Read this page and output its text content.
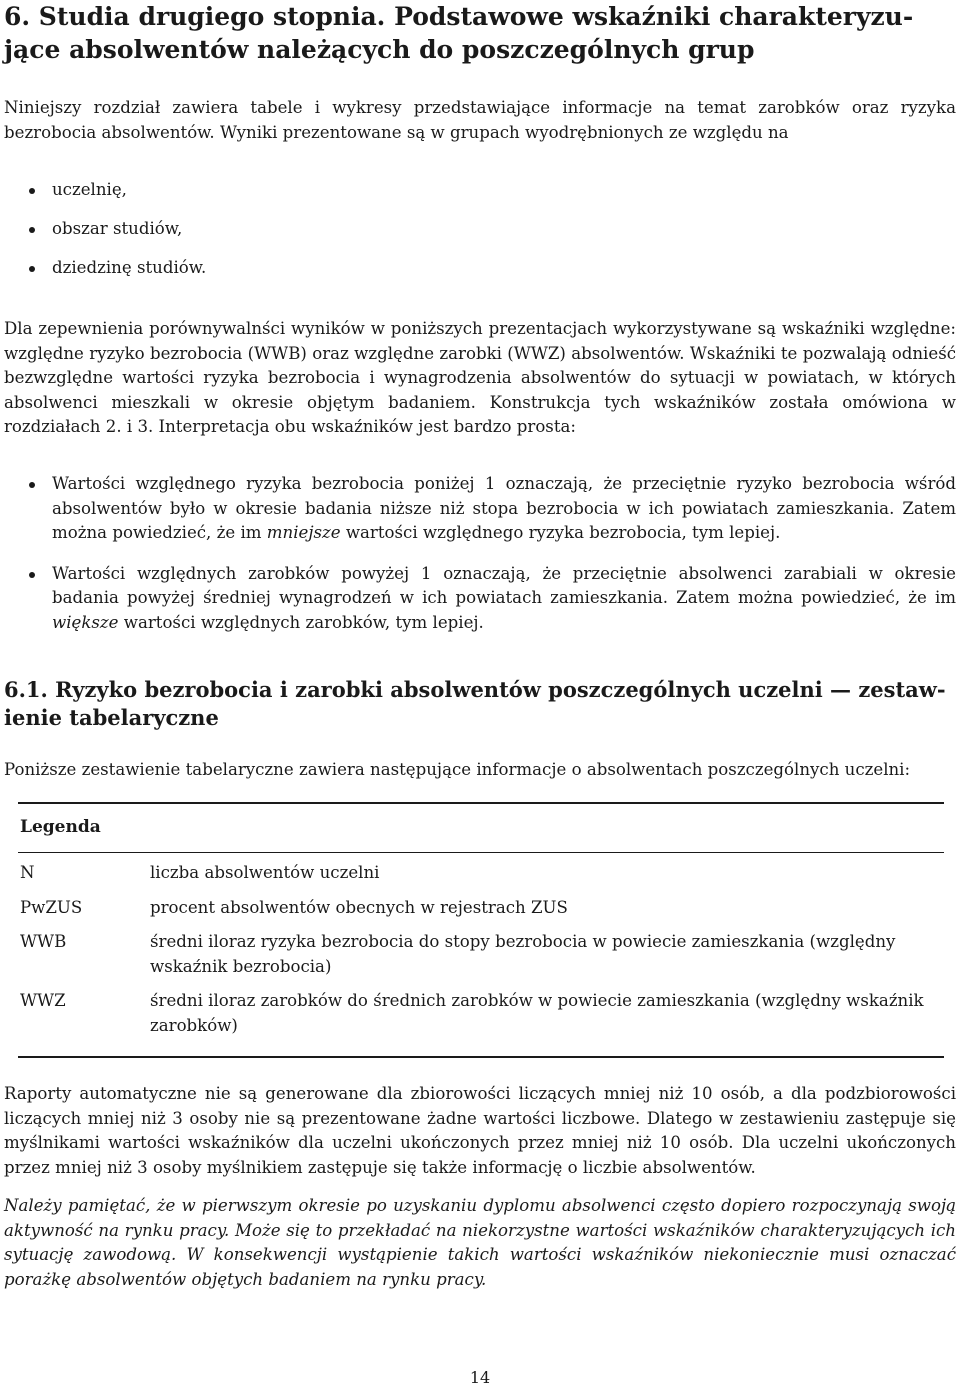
6. Studia drugiego stopnia. Podstawowe wskaźniki charakteryzu-jące absolwentów należących do poszczególnych grup

Niniejszy rozdział zawiera tabele i wykresy przedstawiające informacje na temat zarobków oraz ryzyka bezrobocia absolwentów. Wyniki prezentowane są w grupach wyodrębnionych ze względu na

uczelnię,
obszar studiów,
dziedzinę studiów.

Dla zepewnienia porównywalnści wyników w poniższych prezentacjach wykorzystywane są wskaźniki względne: względne ryzyko bezrobocia (WWB) oraz względne zarobki (WWZ) absolwentów. Wskaźniki te pozwalają odnieść bezwzględne wartości ryzyka bezrobocia i wynagrodzenia absolwentów do sytuacji w powiatach, w których absolwenci mieszkali w okresie objętym badaniem. Konstrukcja tych wskaźników została omówiona w rozdziałach 2. i 3. Interpretacja obu wskaźników jest bardzo prosta:

Wartości względnego ryzyka bezrobocia poniżej 1 oznaczają, że przeciętnie ryzyko bezrobocia wśród absolwentów było w okresie badania niższe niż stopa bezrobocia w ich powiatach zamieszkania. Zatem można powiedzieć, że im mniejsze wartości względnego ryzyka bezrobocia, tym lepiej.
Wartości względnych zarobków powyżej 1 oznaczają, że przeciętnie absolwenci zarabiali w okresie badania powyżej średniej wynagrodzeń w ich powiatach zamieszkania. Zatem można powiedzieć, że im większe wartości względnych zarobków, tym lepiej.
6.1. Ryzyko bezrobocia i zarobki absolwentów poszczególnych uczelni — zestaw-ienie tabelaryczne

Poniższe zestawienie tabelaryczne zawiera następujące informacje o absolwentach poszczególnych uczelni:

Legenda
N	liczba absolwentów uczelni
PwZUS	procent absolwentów obecnych w rejestrach ZUS
WWB	średni iloraz ryzyka bezrobocia do stopy bezrobocia w powiecie zamieszkania (względny wskaźnik bezrobocia)
WWZ	średni iloraz zarobków do średnich zarobków w powiecie zamieszkania (względny wskaźnik zarobków)

Raporty automatyczne nie są generowane dla zbiorowości liczących mniej niż 10 osób, a dla podzbiorowości liczących mniej niż 3 osoby nie są prezentowane żadne wartości liczbowe. Dlatego w zestawieniu zastępuje się myślnikami wartości wskaźników dla uczelni ukończonych przez mniej niż 10 osób. Dla uczelni ukończonych przez mniej niż 3 osoby myślnikiem zastępuje się także informację o liczbie absolwentów.

Należy pamiętać, że w pierwszym okresie po uzyskaniu dyplomu absolwenci często dopiero rozpoczynają swoją aktywność na rynku pracy. Może się to przekładać na niekorzystne wartości wskaźników charakteryzujących ich sytuację zawodową. W konsekwencji wystąpienie takich wartości wskaźników niekoniecznie musi oznaczać porażkę absolwentów objętych badaniem na rynku pracy.

14
